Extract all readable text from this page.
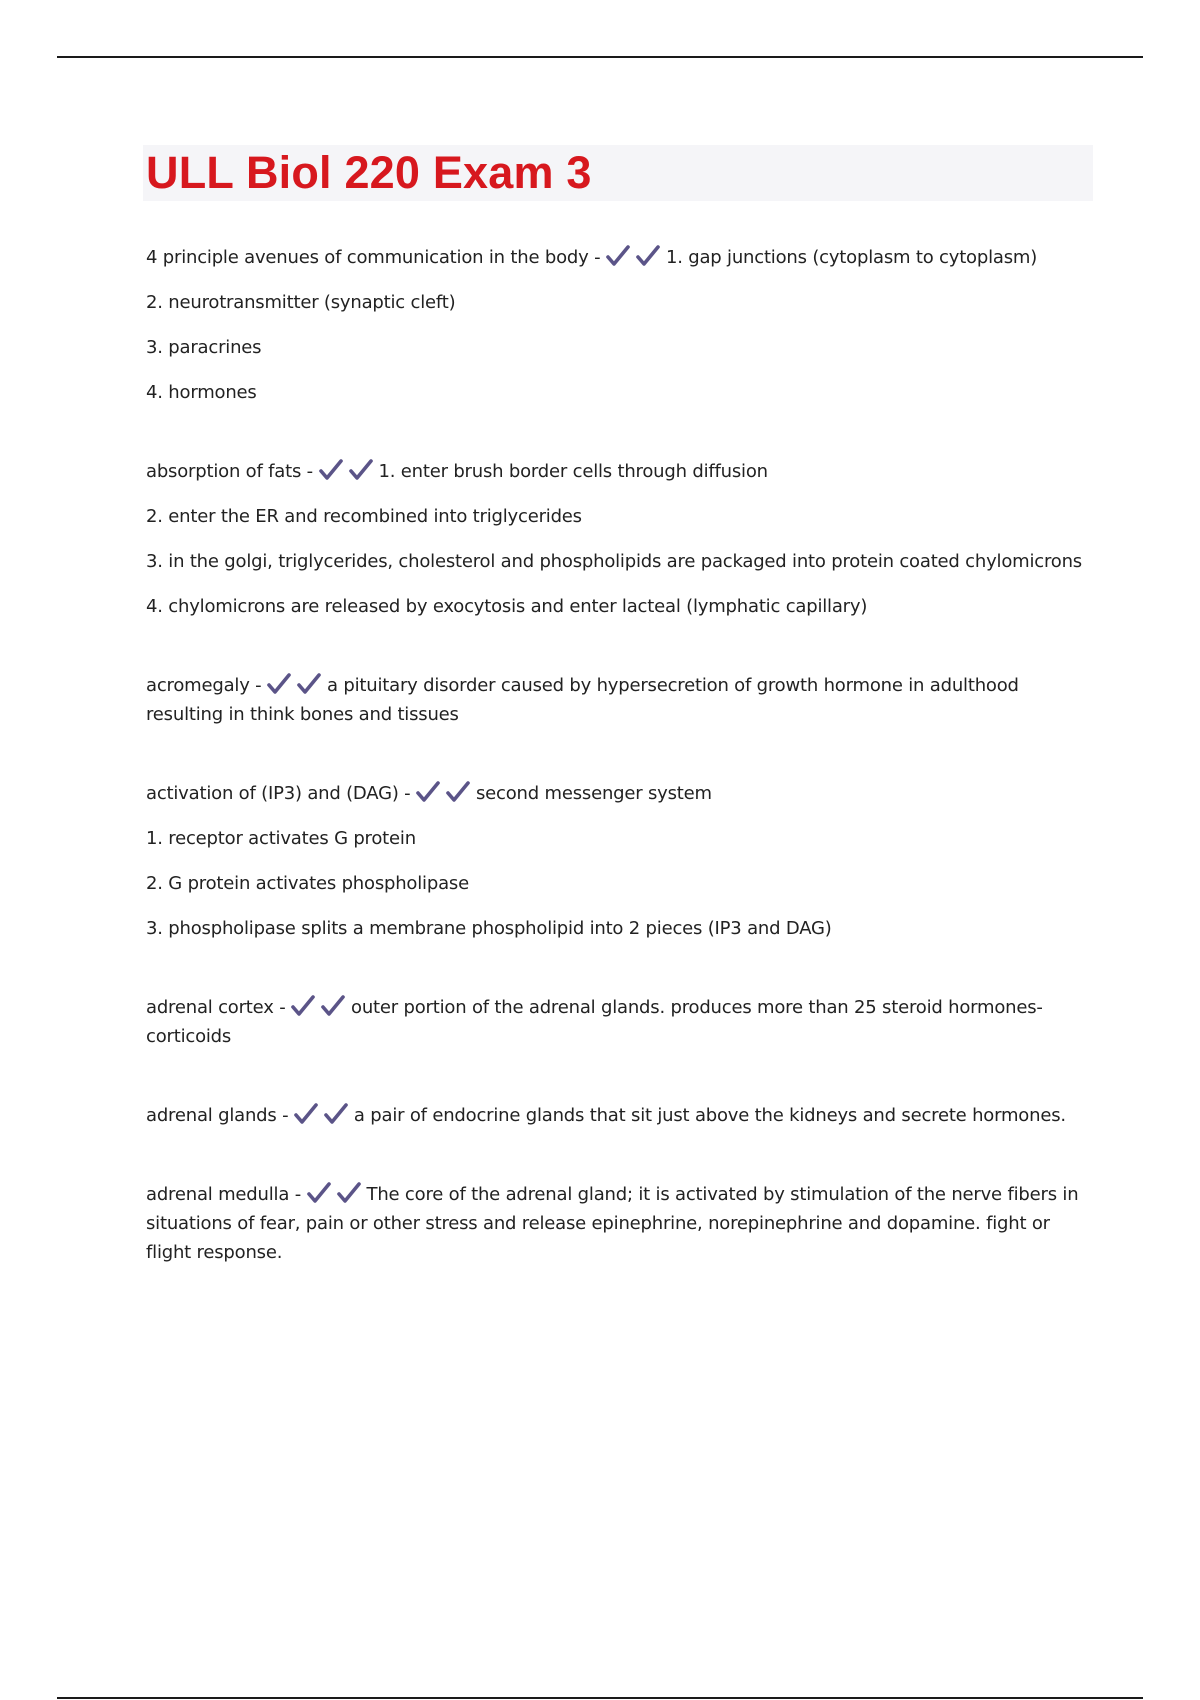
ULL Biol 220 Exam 3

4 principle avenues of communication in the body -	1. gap junctions (cytoplasm to cytoplasm)

2. neurotransmitter (synaptic cleft)

3. paracrines

4. hormones

absorption of fats -	1. enter brush border cells through diffusion

2. enter the ER and recombined into triglycerides

3. in the golgi, triglycerides, cholesterol and phospholipids are packaged into protein coated chylomicrons

4. chylomicrons are released by exocytosis and enter lacteal (lymphatic capillary)

acromegaly -	a pituitary disorder caused by hypersecretion of growth hormone in adulthood resulting in think bones and tissues

activation of (IP3) and (DAG) -	second messenger system

1. receptor activates G protein

2. G protein activates phospholipase

3. phospholipase splits a membrane phospholipid into 2 pieces (IP3 and DAG)

adrenal cortex -	outer portion of the adrenal glands. produces more than 25 steroid hormones-corticoids

adrenal glands -	a pair of endocrine glands that sit just above the kidneys and secrete hormones.

adrenal medulla -	The core of the adrenal gland; it is activated by stimulation of the nerve fibers in situations of fear, pain or other stress and release epinephrine, norepinephrine and dopamine. fight or flight response.
